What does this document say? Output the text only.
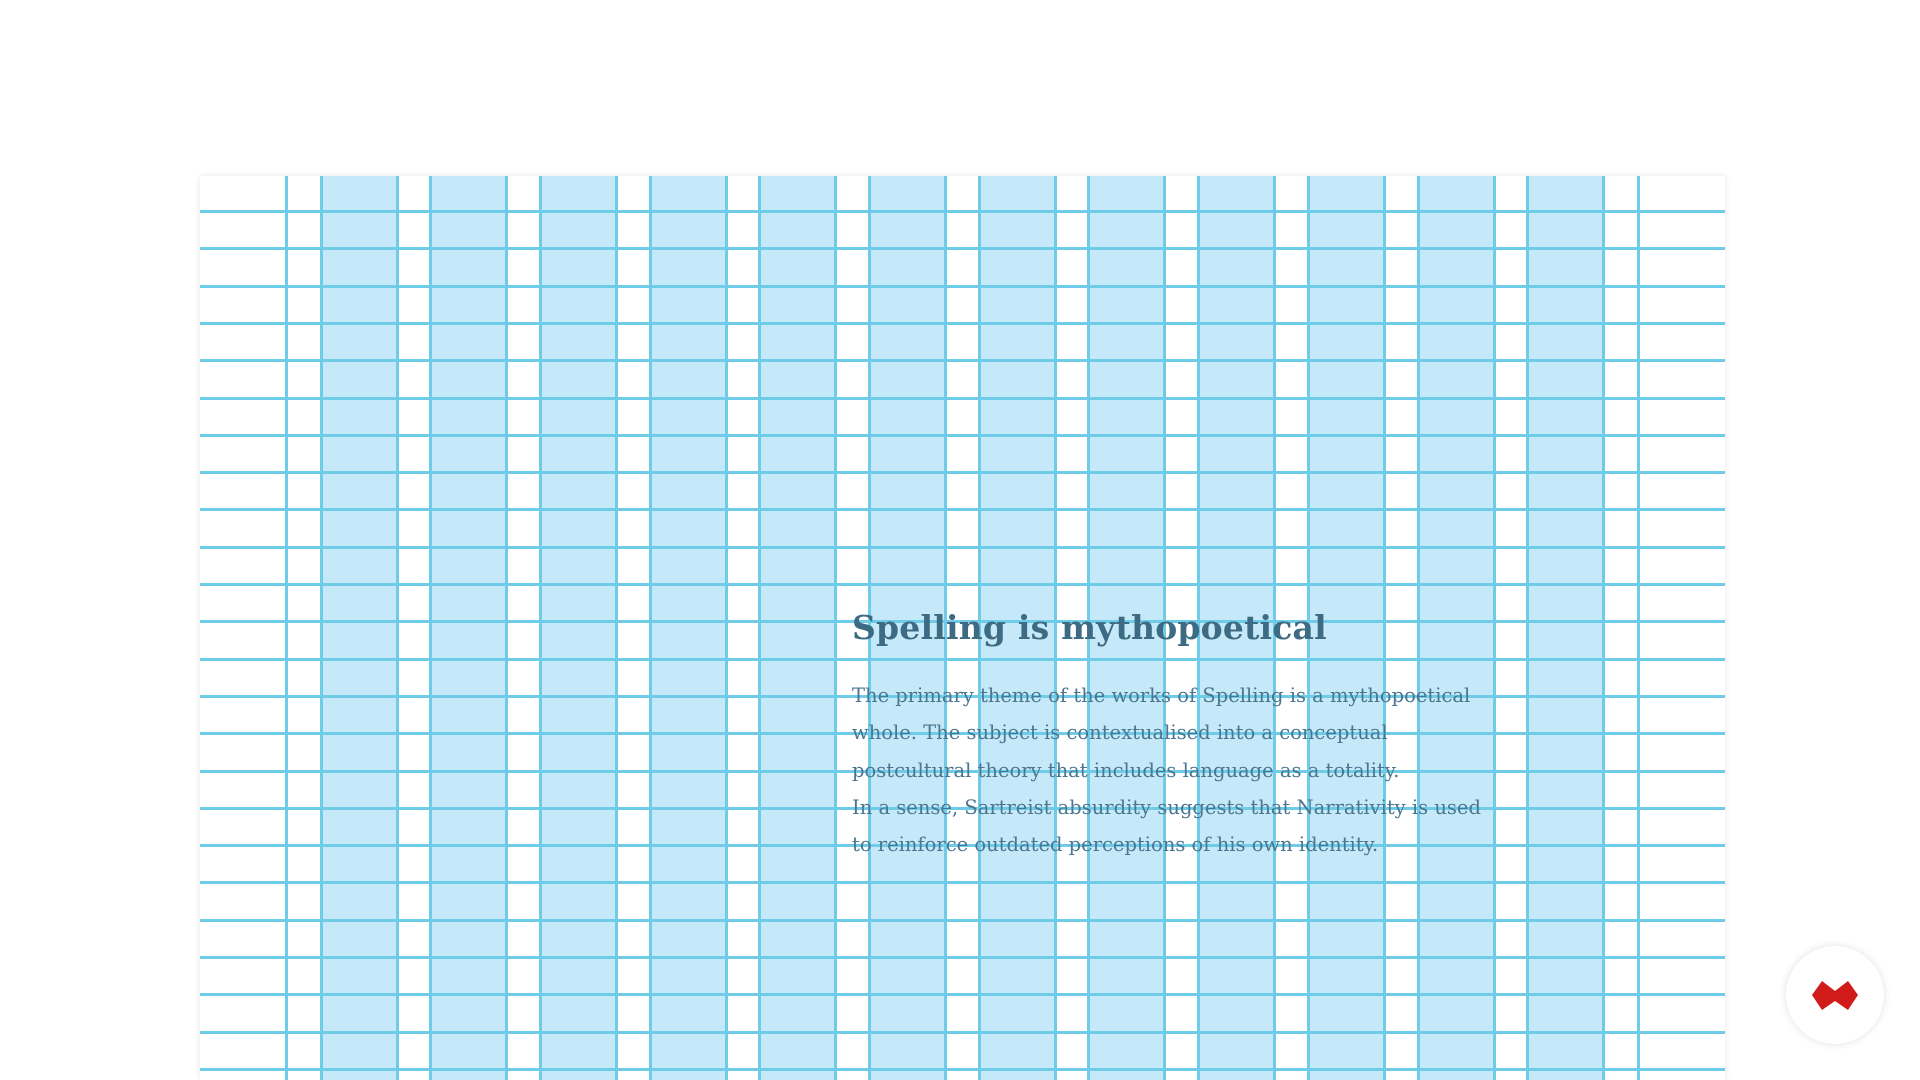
Spelling is mythopoetical

The primary theme of the works of Spelling is a mythopoetical

whole. The subject is contextualised into a conceptual

postcultural theory that includes language as a totality.

In a sense, Sartreist absurdity suggests that Narrativity is used

to reinforce outdated perceptions of his own identity.
